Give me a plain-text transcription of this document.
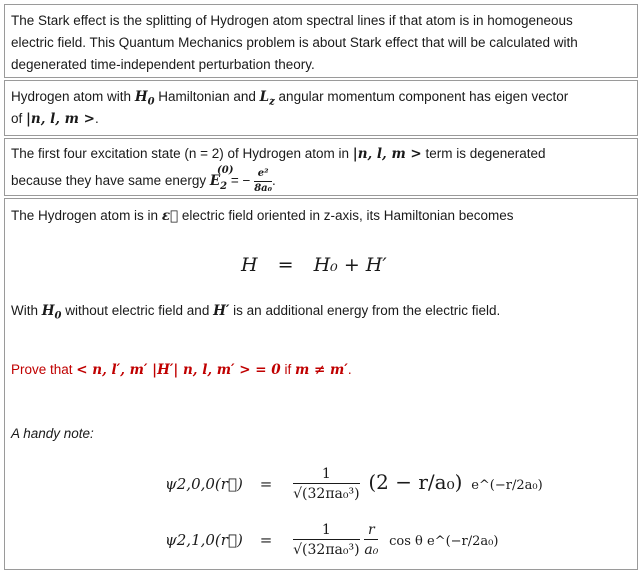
The Stark effect is the splitting of Hydrogen atom spectral lines if that atom is in homogeneous
electric field. This Quantum Mechanics problem is about Stark effect that will be calculated with
degenerated time-independent perturbation theory.
Hydrogen atom with $H_0$ Hamiltonian and $L_z$ angular momentum component has eigen vector
of |n, l, m >.
The first four excitation state (n = 2) of Hydrogen atom in |n, l, m > term is degenerated
because they have same energy E
(0)
$_2$ = − $\frac{\text{e²}}{\text{8a₀}}$ .
The Hydrogen atom is in ε⃗ electric field oriented in z-axis, its Hamiltonian becomes
H = H₀ + H′
With $H_0$ without electric field and H′ is an additional energy from the electric field.
Prove that < n, l′, m′ |H′| n, l, m′ > = 0 if m ≠ m′.
A handy note:
ψ2,0,0(r⃗) = $\frac{1}{\text{√(32πa₀³)}} (2 - r/a_0)$ e^(−r/2a₀)
ψ2,1,0(r⃗) = $\frac{1}{\text{√(32πa₀³)}}$
$\frac{r}{\text{a₀}}$ cos θ e^(−r/2a₀)
